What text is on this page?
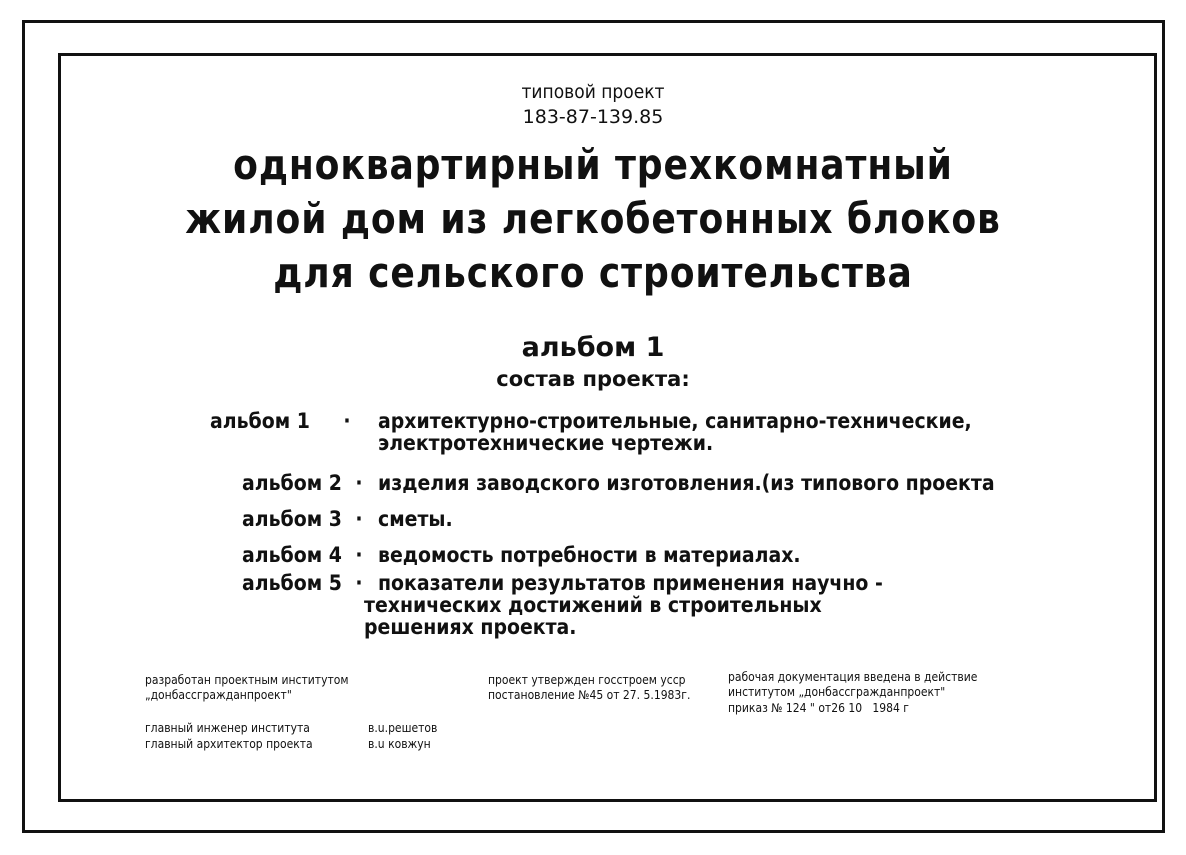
типовой проект
183-87-139.85
одноквартирный трехкомнатный
жилой дом из легкобетонных блоков
для сельского строительства
альбом 1
состав проекта:
альбом 1	· архитектурно-строительные, санитарно-технические,
электротехнические чертежи.
альбом 2 · изделия заводского изготовления.(из типового проекта
альбом 3 · сметы.
альбом 4 · ведомость потребности в материалах.
альбом 5 · показатели результатов применения научно -
технических достижений в строительных
решениях проекта.
разработан проектным институтом
„донбассгражданпроект"
главный инженер института	в.u.решетов
главный архитектор проекта	в.u ковжун
проект утвержден госстроем усср
постановление №45 от 27. 5.1983г.
рабочая документация введена в действие
институтом „донбассгражданпроект"
приказ № 124 " от26 10   1984 г
